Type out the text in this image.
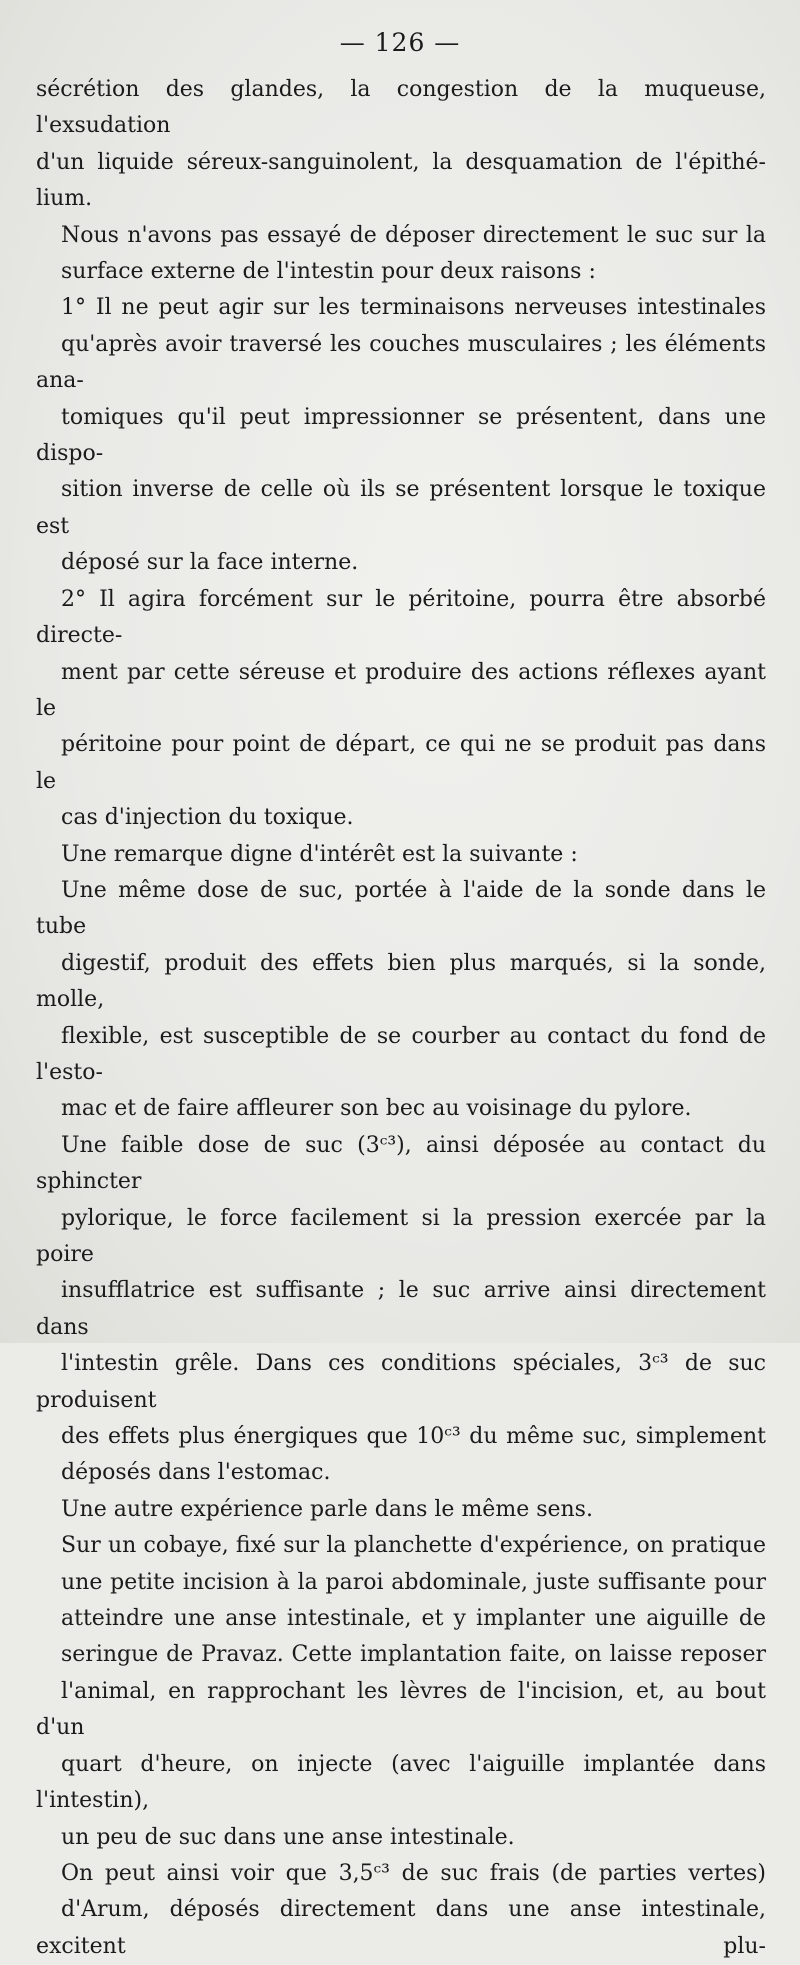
— 126 —

sécrétion des glandes, la congestion de la muqueuse, l'exsudation
d'un liquide séreux-sanguinolent, la desquamation de l'épithé-
lium.

Nous n'avons pas essayé de déposer directement le suc sur la
surface externe de l'intestin pour deux raisons :

1° Il ne peut agir sur les terminaisons nerveuses intestinales
qu'après avoir traversé les couches musculaires ; les éléments ana-
tomiques qu'il peut impressionner se présentent, dans une dispo-
sition inverse de celle où ils se présentent lorsque le toxique est
déposé sur la face interne.

2° Il agira forcément sur le péritoine, pourra être absorbé directe-
ment par cette séreuse et produire des actions réflexes ayant le
péritoine pour point de départ, ce qui ne se produit pas dans le
cas d'injection du toxique.

Une remarque digne d'intérêt est la suivante :

Une même dose de suc, portée à l'aide de la sonde dans le tube
digestif, produit des effets bien plus marqués, si la sonde, molle,
flexible, est susceptible de se courber au contact du fond de l'esto-
mac et de faire affleurer son bec au voisinage du pylore.

Une faible dose de suc (3ᶜ³), ainsi déposée au contact du sphincter
pylorique, le force facilement si la pression exercée par la poire
insufflatrice est suffisante ; le suc arrive ainsi directement dans
l'intestin grêle. Dans ces conditions spéciales, 3ᶜ³ de suc produisent
des effets plus énergiques que 10ᶜ³ du même suc, simplement
déposés dans l'estomac.

Une autre expérience parle dans le même sens.

Sur un cobaye, fixé sur la planchette d'expérience, on pratique
une petite incision à la paroi abdominale, juste suffisante pour
atteindre une anse intestinale, et y implanter une aiguille de
seringue de Pravaz. Cette implantation faite, on laisse reposer
l'animal, en rapprochant les lèvres de l'incision, et, au bout d'un
quart d'heure, on injecte (avec l'aiguille implantée dans l'intestin),
un peu de suc dans une anse intestinale.

On peut ainsi voir que 3,5ᶜ³ de suc frais (de parties vertes)
d'Arum, déposés directement dans une anse intestinale, excitent plu-
